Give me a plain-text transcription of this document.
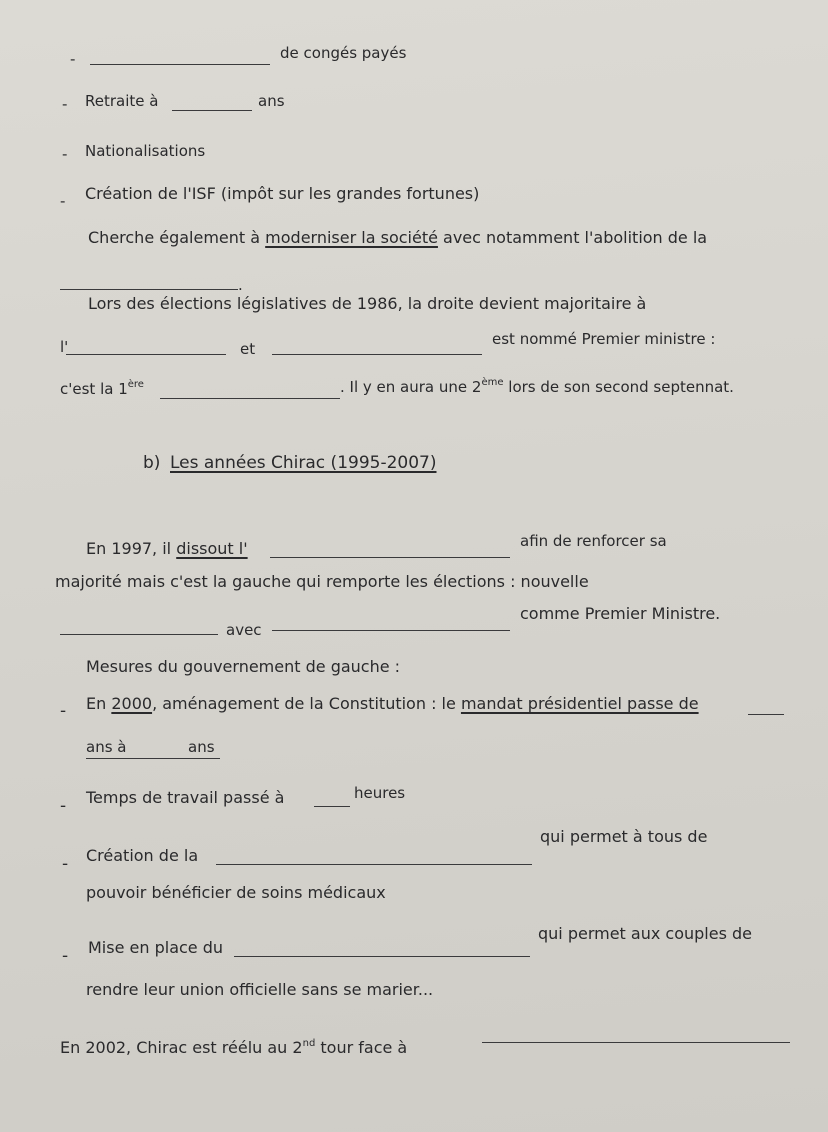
-	de congés payés
- Retraite à	ans
- Nationalisations
- Création de l'ISF (impôt sur les grandes fortunes)
Cherche également à moderniser la société avec notamment l'abolition de la
.
Lors des élections législatives de 1986, la droite devient majoritaire à
l'	et
est nommé Premier ministre :
c'est la 1ère	. Il y en aura une 2ème lors de son second septennat.
b) Les années Chirac (1995-2007)
En 1997, il dissout l'	afin de renforcer sa
majorité mais c'est la gauche qui remporte les élections : nouvelle
avec
comme Premier Ministre.
Mesures du gouvernement de gauche :
- En 2000, aménagement de la Constitution : le mandat présidentiel passe de
ans à	ans
- Temps de travail passé à	heures
- Création de la
qui permet à tous de
pouvoir bénéficier de soins médicaux
- Mise en place du
qui permet aux couples de
rendre leur union officielle sans se marier...
En 2002, Chirac est réélu au 2nd tour face à
